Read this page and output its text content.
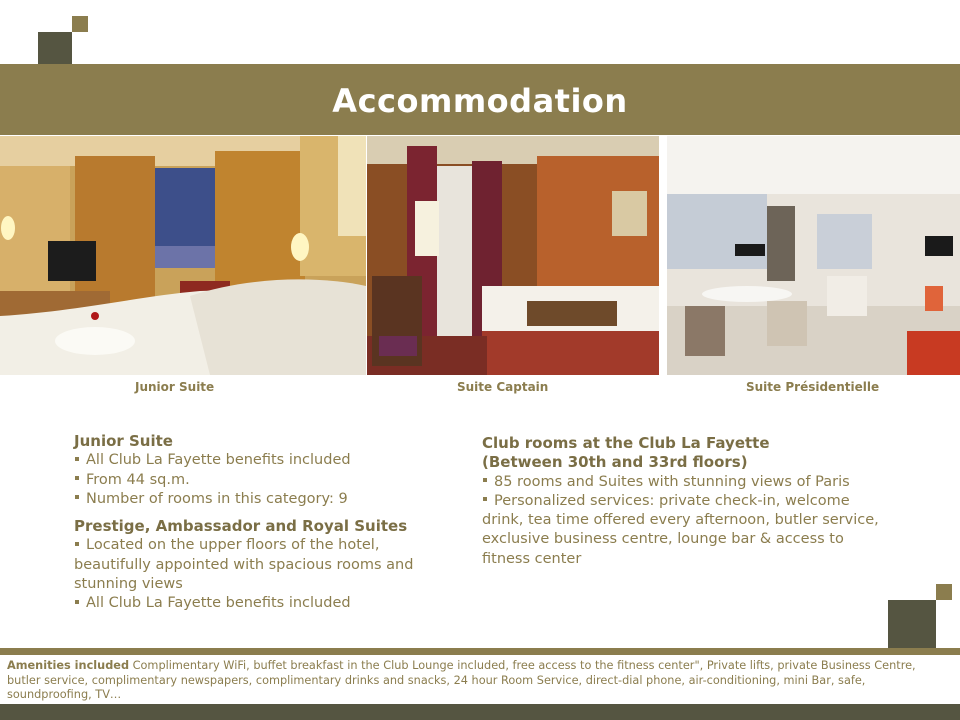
Accommodation
Junior Suite	Suite Captain	Suite Présidentielle
Junior Suite
All Club La Fayette benefits included
From 44 sq.m.
Number of rooms in this category: 9
Prestige, Ambassador and Royal Suites
Located on the upper floors of the hotel, beautifully appointed with spacious rooms and stunning views
All Club La Fayette benefits included
Club rooms at the Club La Fayette
(Between 30th and 33rd floors)
85 rooms and Suites with stunning views of Paris
Personalized services: private check-in, welcome drink, tea time offered every afternoon, butler service, exclusive business centre, lounge bar & access to fitness center
Amenities included Complimentary WiFi, buffet breakfast in the Club Lounge included, free access to the fitness center", Private lifts, private Business Centre, butler service, complimentary newspapers, complimentary drinks and snacks, 24 hour Room Service, direct-dial phone, air-conditioning, mini Bar, safe, soundproofing, TV…
